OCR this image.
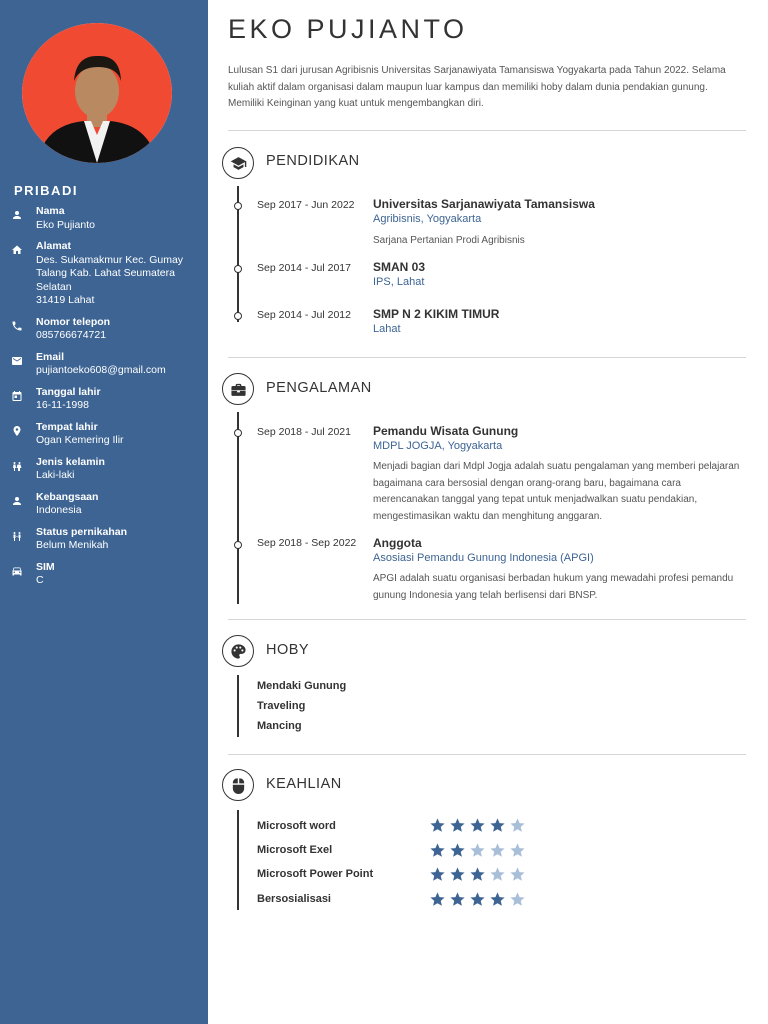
PRIBADI
Nama
Eko Pujianto
Alamat
Des. Sukamakmur Kec. Gumay
Talang Kab. Lahat Seumatera
Selatan
31419 Lahat
Nomor telepon
085766674721
Email
pujiantoeko608@gmail.com
Tanggal lahir
16-11-1998
Tempat lahir
Ogan Kemering Ilir
Jenis kelamin
Laki-laki
Kebangsaan
Indonesia
Status pernikahan
Belum Menikah
SIM
C
EKO PUJIANTO

Lulusan S1 dari jurusan Agribisnis Universitas Sarjanawiyata Tamansiswa Yogyakarta pada Tahun 2022. Selama kuliah aktif dalam organisasi dalam maupun luar kampus dan memiliki hoby dalam dunia pendakian gunung. Memiliki Keinginan yang kuat untuk mengembangkan diri.

PENDIDIKAN
Sep 2017 - Jun 2022 Universitas Sarjanawiyata Tamansiswa
Agribisnis, Yogyakarta
Sarjana Pertanian Prodi Agribisnis
Sep 2014 - Jul 2017 SMAN 03
IPS, Lahat
Sep 2014 - Jul 2012 SMP N 2 KIKIM TIMUR
Lahat
PENGALAMAN
Sep 2018 - Jul 2021 Pemandu Wisata Gunung
MDPL JOGJA, Yogyakarta
Menjadi bagian dari Mdpl Jogja adalah suatu pengalaman yang memberi pelajaran bagaimana cara bersosial dengan orang-orang baru, bagaimana cara merencanakan tanggal yang tepat untuk menjadwalkan suatu pendakian, mengestimasikan waktu dan menghitung anggaran.
Sep 2018 - Sep 2022 Anggota
Asosiasi Pemandu Gunung Indonesia (APGI)
APGI adalah suatu organisasi berbadan hukum yang mewadahi profesi pemandu gunung Indonesia yang telah berlisensi dari BNSP.
HOBY
Mendaki Gunung
Traveling
Mancing
KEAHLIAN
Microsoft word
Microsoft Exel
Microsoft Power Point
Bersosialisasi
